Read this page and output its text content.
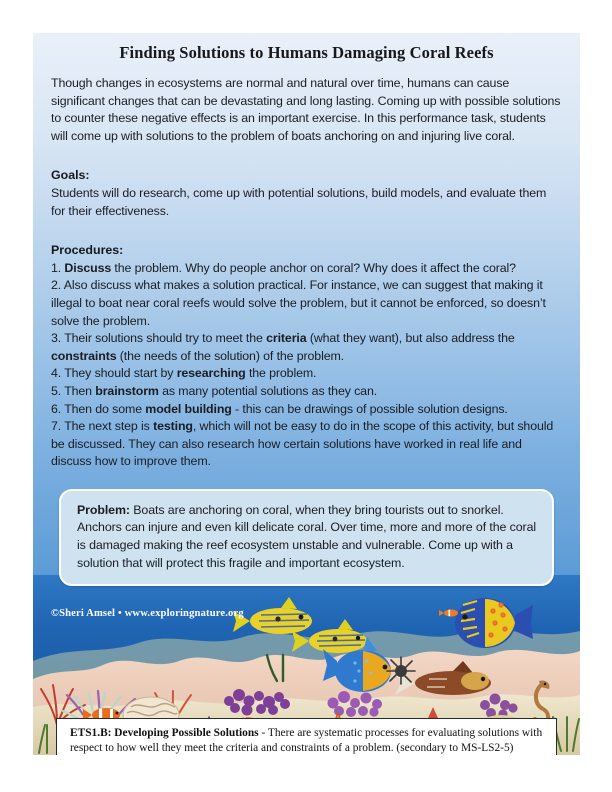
Finding Solutions to Humans Damaging Coral Reefs
Though changes in ecosystems are normal and natural over time, humans can cause significant changes that can be devastating and long lasting. Coming up with possible solutions to counter these negative effects is an important exercise. In this performance task, students will come up with solutions to the problem of boats anchoring on and injuring live coral.
Goals:
Students will do research, come up with potential solutions, build models, and evaluate them for their effectiveness.
Procedures:
1. Discuss the problem. Why do people anchor on coral? Why does it affect the coral?
2. Also discuss what makes a solution practical. For instance, we can suggest that making it illegal to boat near coral reefs would solve the problem, but it cannot be enforced, so doesn’t solve the problem.
3. Their solutions should try to meet the criteria (what they want), but also address the constraints (the needs of the solution) of the problem.
4. They should start by researching the problem.
5. Then brainstorm as many potential solutions as they can.
6. Then do some model building - this can be drawings of possible solution designs.
7. The next step is testing, which will not be easy to do in the scope of this activity, but should be discussed. They can also research how certain solutions have worked in real life and discuss how to improve them.
Problem: Boats are anchoring on coral, when they bring tourists out to snorkel. Anchors can injure and even kill delicate coral. Over time, more and more of the coral is damaged making the reef ecosystem unstable and vulnerable. Come up with a solution that will protect this fragile and important ecosystem.
©Sheri Amsel • www.exploringnature.org
ETS1.B: Developing Possible Solutions - There are systematic processes for evaluating solutions with respect to how well they meet the criteria and constraints of a problem. (secondary to MS-LS2-5)
